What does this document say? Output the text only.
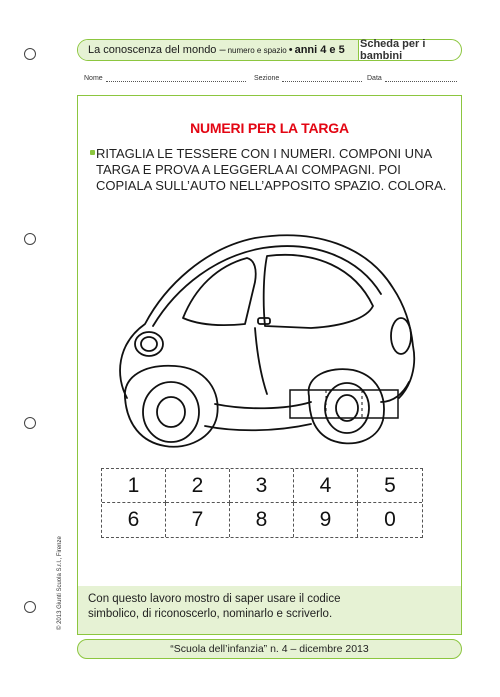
La conoscenza del mondo – numero e spazio • anni 4 e 5 Scheda per i bambini
Nome	Sezione	Data
NUMERI PER LA TARGA
RITAGLIA LE TESSERE CON I NUMERI. COMPONI UNA
TARGA E PROVA A LEGGERLA AI COMPAGNI. POI
COPIALA SULL’AUTO NELL’APPOSITO SPAZIO. COLORA.
1	2	3	4	5
6	7	8	9	0
Con questo lavoro mostro di saper usare il codice
simbolico, di riconoscerlo, nominarlo e scriverlo.
“Scuola dell’infanzia” n. 4 – dicembre 2013
© 2013 Giunti Scuola S.r.l., Firenze
